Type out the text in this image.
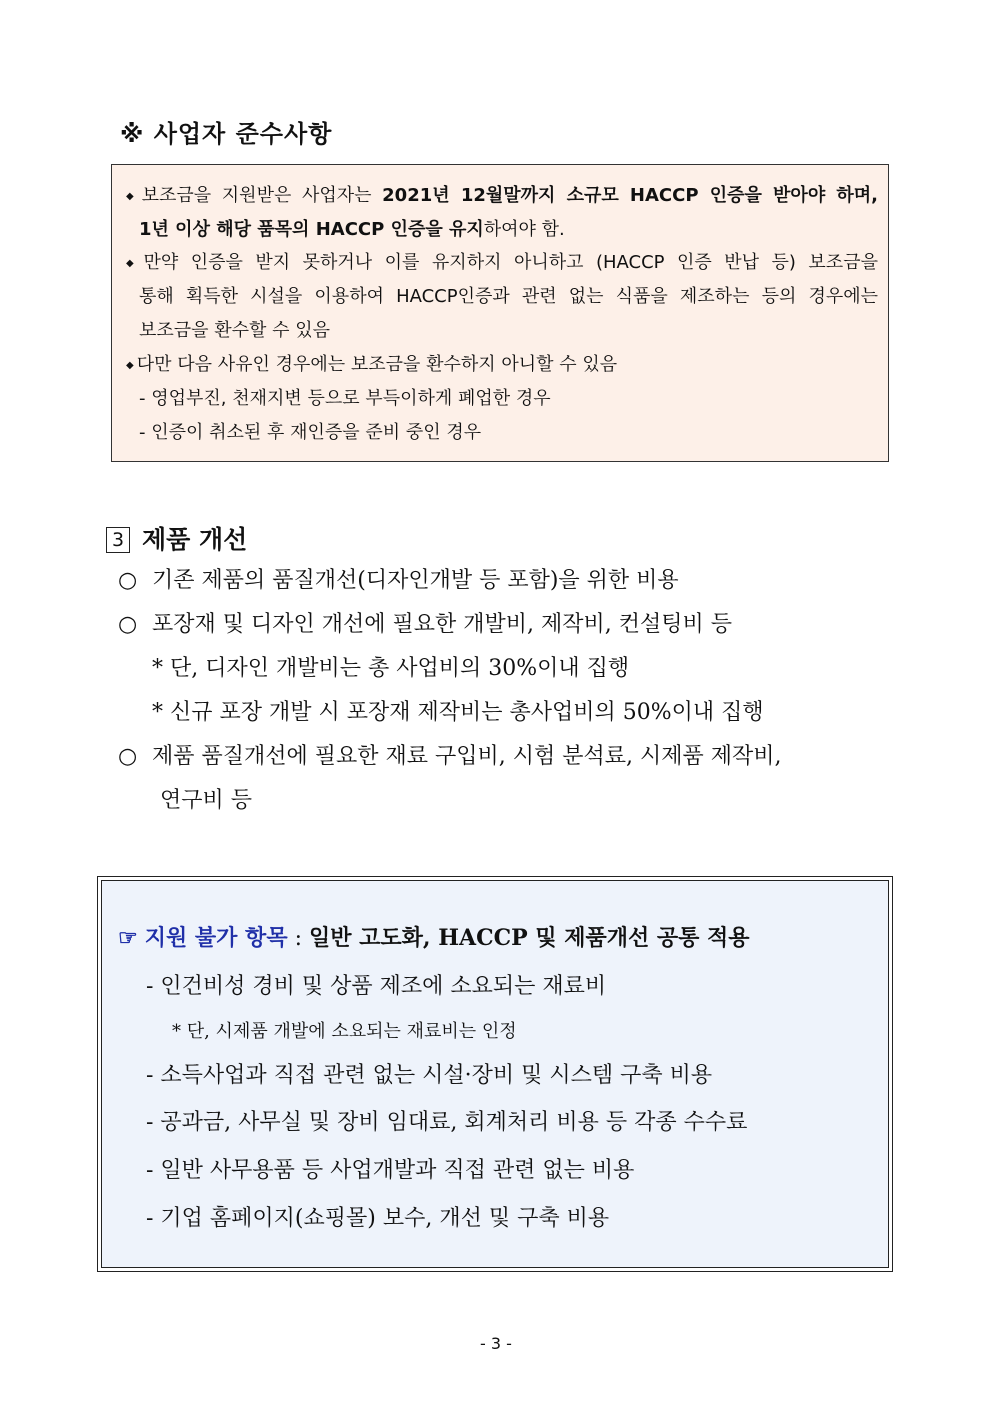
※ 사업자 준수사항
◆ 보조금을 지원받은 사업자는 2021년 12월말까지 소규모 HACCP 인증을 받아야 하며,
1년 이상 해당 품목의 HACCP 인증을 유지하여야 함.
◆ 만약 인증을 받지 못하거나 이를 유지하지 아니하고 (HACCP 인증 반납 등) 보조금을
통해 획득한 시설을 이용하여 HACCP인증과 관련 없는 식품을 제조하는 등의 경우에는
보조금을 환수할 수 있음
◆ 다만 다음 사유인 경우에는 보조금을 환수하지 아니할 수 있음
- 영업부진, 천재지변 등으로 부득이하게 폐업한 경우
- 인증이 취소된 후 재인증을 준비 중인 경우
3 제품 개선
○ 기존 제품의 품질개선(디자인개발 등 포함)을 위한 비용
○ 포장재 및 디자인 개선에 필요한 개발비, 제작비, 컨설팅비 등
* 단, 디자인 개발비는 총 사업비의 30%이내 집행
* 신규 포장 개발 시 포장재 제작비는 총사업비의 50%이내 집행
○ 제품 품질개선에 필요한 재료 구입비, 시험 분석료, 시제품 제작비,
연구비 등
☞ 지원 불가 항목 : 일반 고도화, HACCP 및 제품개선 공통 적용
- 인건비성 경비 및 상품 제조에 소요되는 재료비
* 단, 시제품 개발에 소요되는 재료비는 인정
- 소득사업과 직접 관련 없는 시설·장비 및 시스템 구축 비용
- 공과금, 사무실 및 장비 임대료, 회계처리 비용 등 각종 수수료
- 일반 사무용품 등 사업개발과 직접 관련 없는 비용
- 기업 홈페이지(쇼핑몰) 보수, 개선 및 구축 비용
- 3 -
